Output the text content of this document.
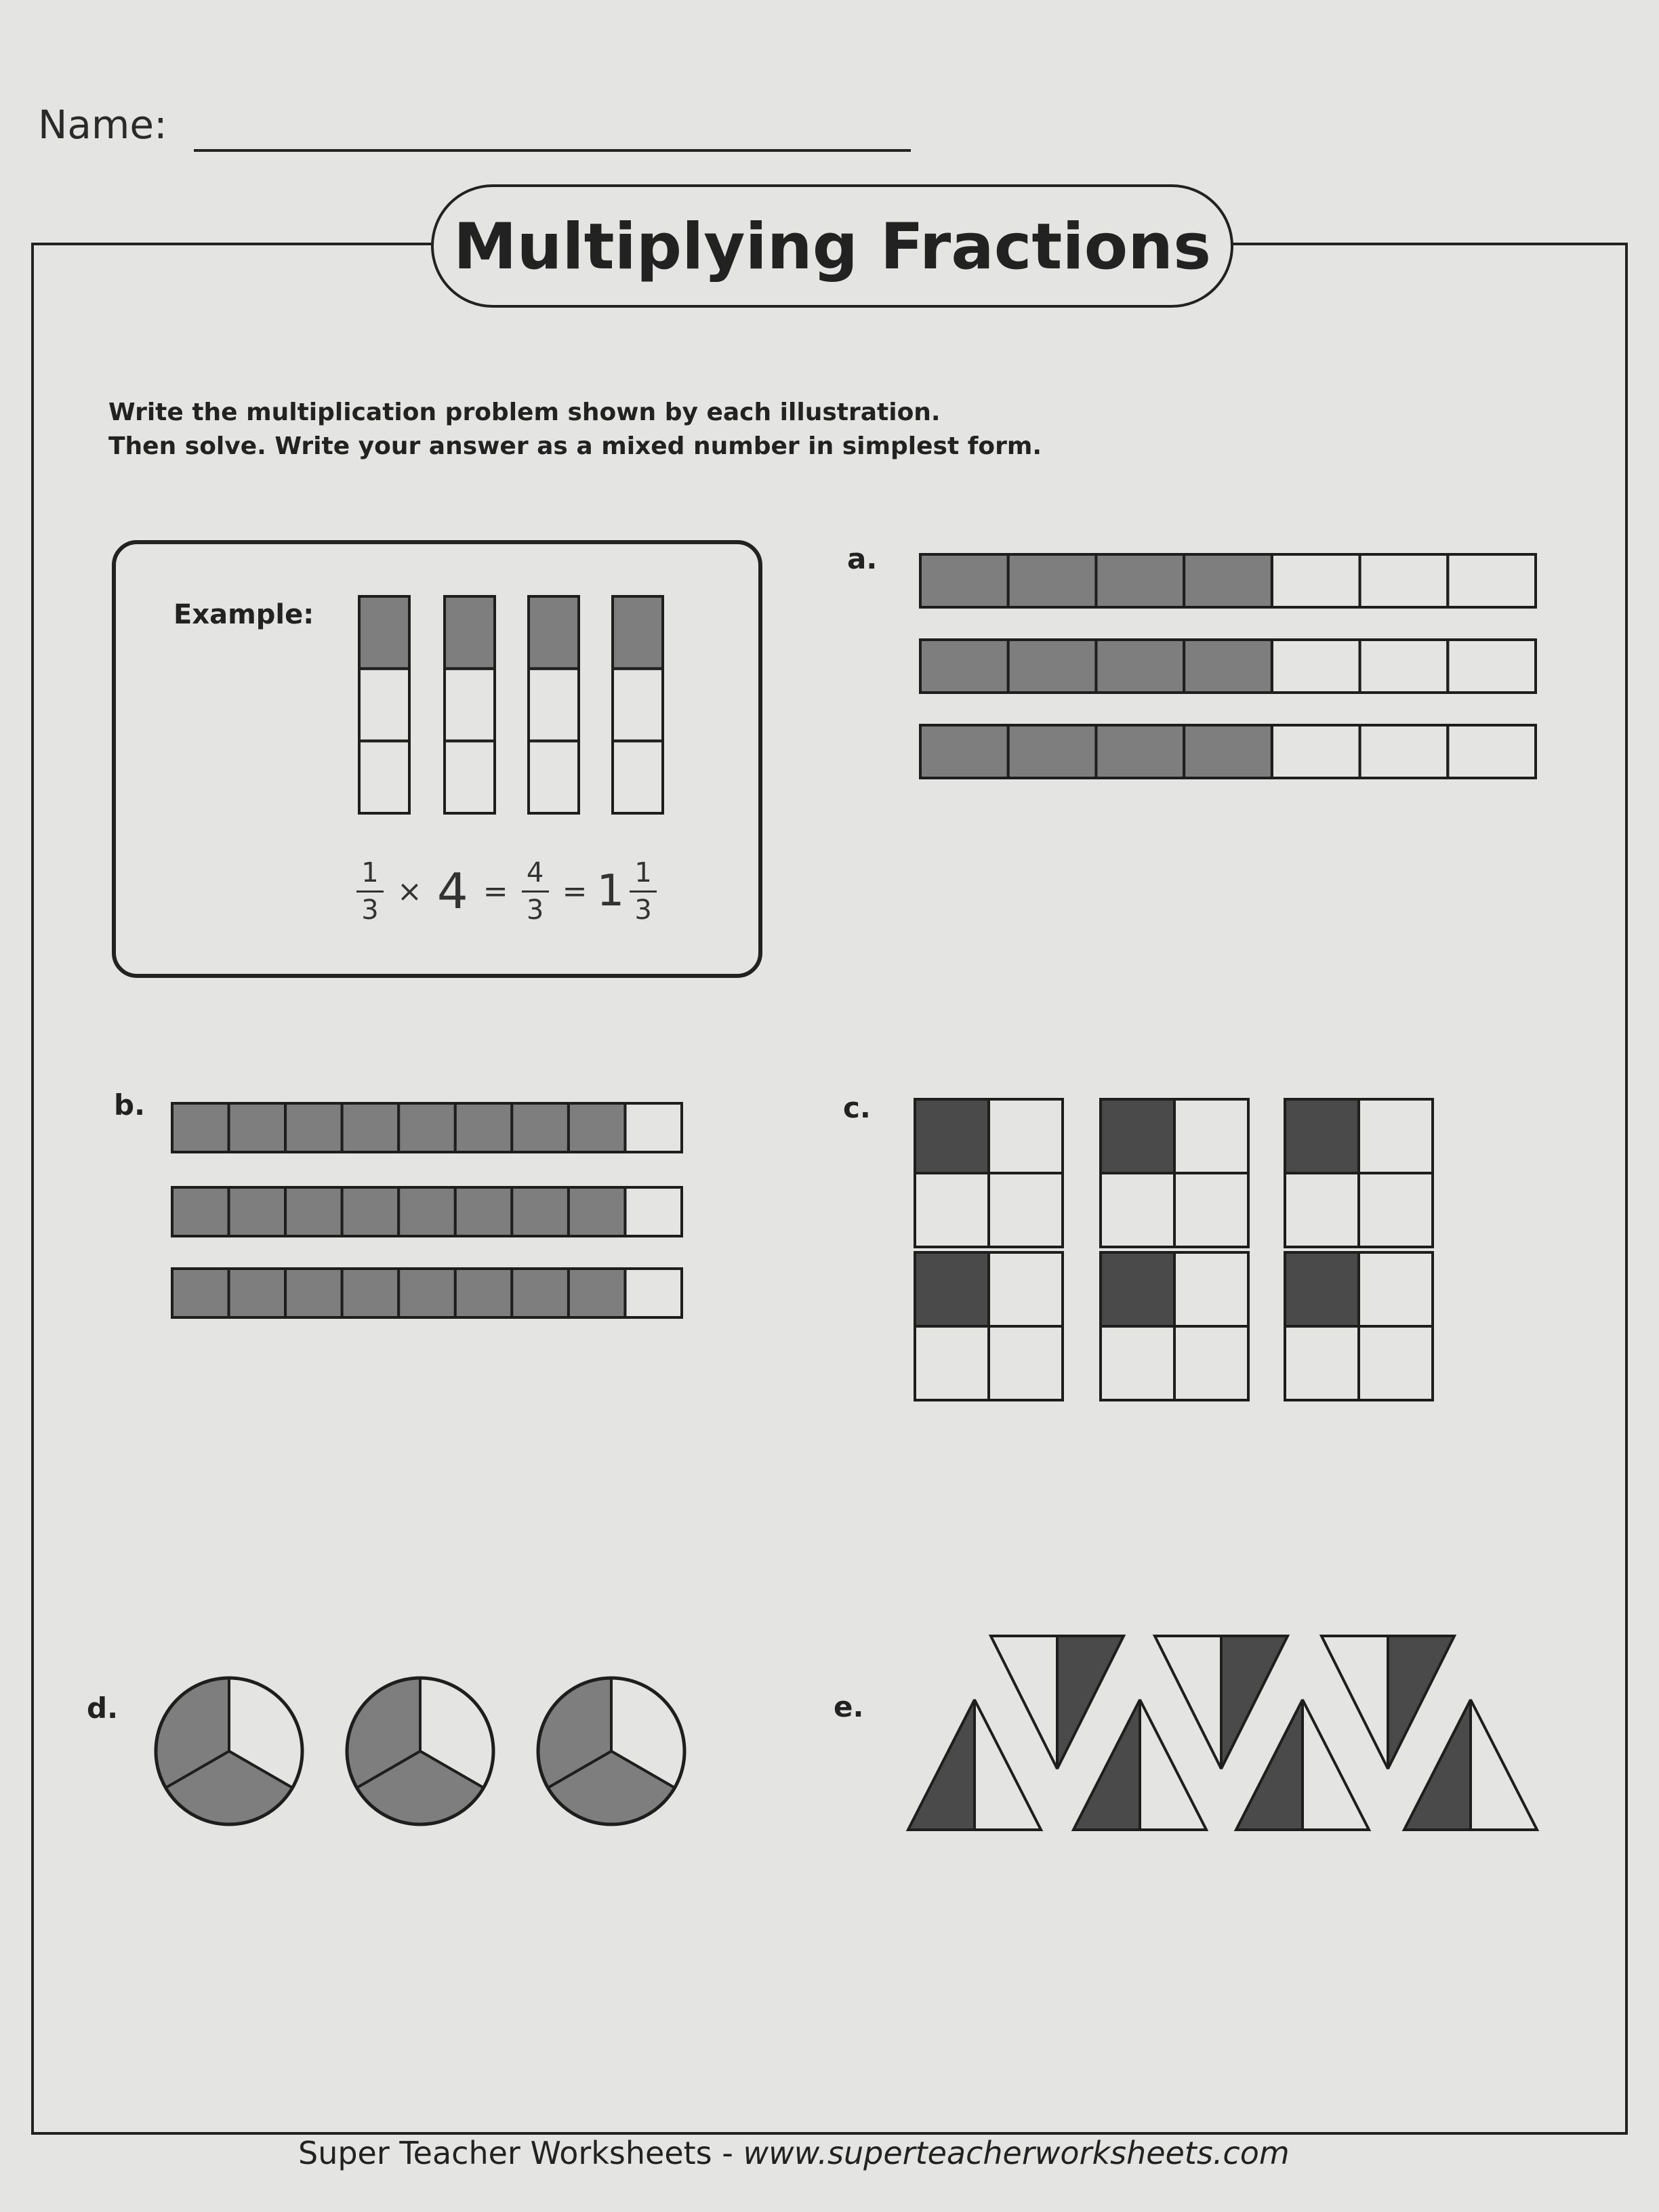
Name:
Multiplying Fractions
Write the multiplication problem shown by each illustration.
Then solve. Write your answer as a mixed number in simplest form.
Example:
$\frac{1}{3} \times 4 = \frac{4}{3} = 1 \frac{1}{3}$
a.
b.	c.
d.	e.
Super Teacher Worksheets - www.superteacherworksheets.com
